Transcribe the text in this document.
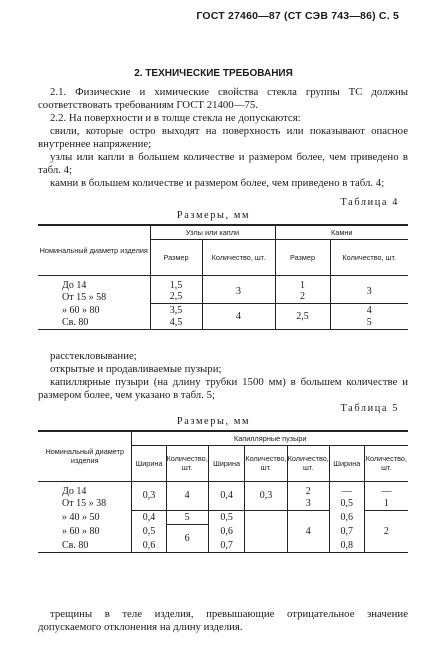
ГОСТ 27460—87 (СТ СЭВ 743—86) С. 5
2. ТЕХНИЧЕСКИЕ ТРЕБОВАНИЯ

2.1. Физические и химические свойства стекла группы ТС должны соответствовать требованиям ГОСТ 21400—75.

2.2. На поверхности и в толще стекла не допускаются:

свили, которые остро выходят на поверхность или показывают опасное внутреннее напряжение;

узлы или капли в большем количестве и размером более, чем приведено в табл. 4;

камни в большем количестве и размером более, чем приведено в табл. 4;

Таблица 4
Размеры, мм
Номинальный диаметр изделия	Узлы или капли		Камни	
	Размер	Количество, шт.	Размер	Количество, шт.
До 14	1,5	3	1	3
От 15 » 58	2,5		2	
» 60 » 80	3,5	4	2,5	4
Св. 80	4,5			5

расстекловывание;

открытые и продавливаемые пузыри;

капиллярные пузыри (на длину трубки 1500 мм) в большем количестве и размером более, чем указано в табл. 5;

Таблица 5
Размеры, мм
Номинальный диаметр изделия	Капиллярные пузыри						
	Ширина	Количество, шт.	Ширина	Количество, шт.	Количество, шт.	Ширина	Количество, шт.
До 14	0,3	4	0,4	0,3	2	—	—
От 15 » 38					3	0,5	1
» 40 » 50	0,4	5	0,5		4	0,6	2
» 60 » 80	0,5	6	0,6			0,7	
Св. 80	0,6		0,7			0,8	
трещины в теле изделия, превышающие отрицательное значение допускаемого отклонения на длину изделия.
